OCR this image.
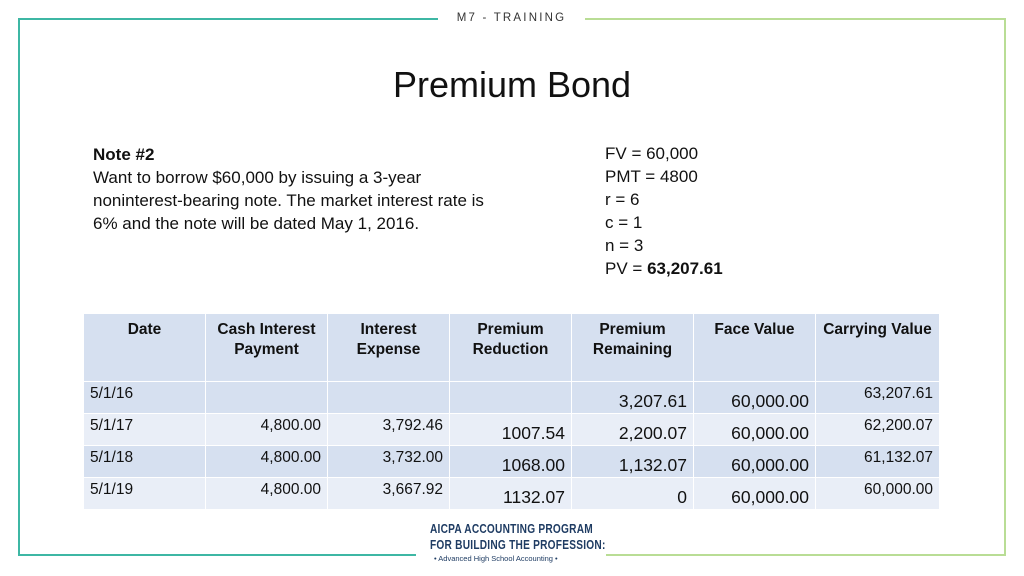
M7 - TRAINING
Premium Bond
Note #2
Want to borrow $60,000 by issuing a 3-year noninterest-bearing note. The market interest rate is 6% and the note will be dated May 1, 2016.
FV = 60,000
PMT = 4800
r = 6
c = 1
n = 3
PV = 63,207.61
Date	Cash Interest Payment	Interest Expense	Premium Reduction	Premium Remaining	Face Value	Carrying Value
5/1/16				3,207.61	60,000.00	63,207.61
5/1/17	4,800.00	3,792.46	1007.54	2,200.07	60,000.00	62,200.07
5/1/18	4,800.00	3,732.00	1068.00	1,132.07	60,000.00	61,132.07
5/1/19	4,800.00	3,667.92	1132.07	0	60,000.00	60,000.00
AICPA ACCOUNTING PROGRAM
FOR BUILDING THE PROFESSION:
• Advanced High School Accounting •
